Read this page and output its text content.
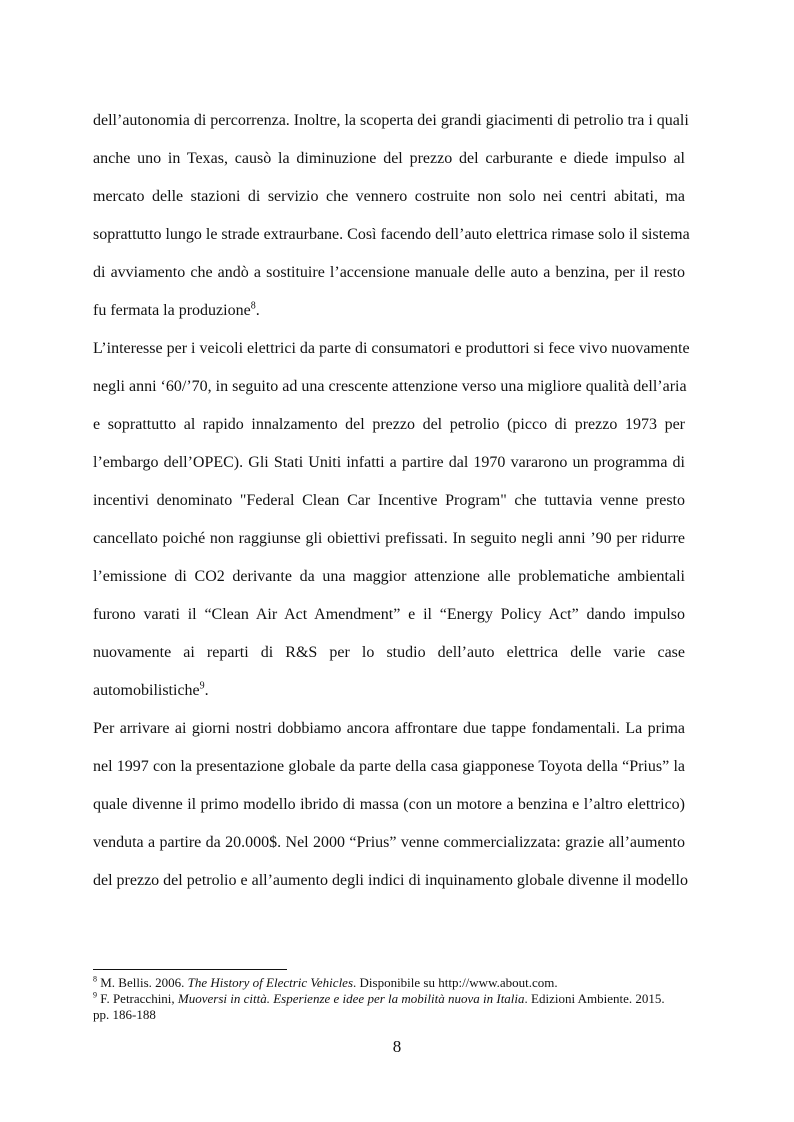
dell’autonomia di percorrenza. Inoltre, la scoperta dei grandi giacimenti di petrolio tra i quali
anche uno in Texas, causò la diminuzione del prezzo del carburante e diede impulso al
mercato delle stazioni di servizio che vennero costruite non solo nei centri abitati, ma
soprattutto lungo le strade extraurbane. Così facendo dell’auto elettrica rimase solo il sistema
di avviamento che andò a sostituire l’accensione manuale delle auto a benzina, per il resto
fu fermata la produzione$^8$.
L’interesse per i veicoli elettrici da parte di consumatori e produttori si fece vivo nuovamente
negli anni ‘60/’70, in seguito ad una crescente attenzione verso una migliore qualità dell’aria
e soprattutto al rapido innalzamento del prezzo del petrolio (picco di prezzo 1973 per
l’embargo dell’OPEC). Gli Stati Uniti infatti a partire dal 1970 vararono un programma di
incentivi denominato "Federal Clean Car Incentive Program" che tuttavia venne presto
cancellato poiché non raggiunse gli obiettivi prefissati. In seguito negli anni ’90 per ridurre
l’emissione di CO2 derivante da una maggior attenzione alle problematiche ambientali
furono varati il “Clean Air Act Amendment” e il “Energy Policy Act” dando impulso
nuovamente ai reparti di R&S per lo studio dell’auto elettrica delle varie case
automobilistiche$^9$.
Per arrivare ai giorni nostri dobbiamo ancora affrontare due tappe fondamentali. La prima
nel 1997 con la presentazione globale da parte della casa giapponese Toyota della “Prius” la
quale divenne il primo modello ibrido di massa (con un motore a benzina e l’altro elettrico)
venduta a partire da 20.000$. Nel 2000 “Prius” venne commercializzata: grazie all’aumento
del prezzo del petrolio e all’aumento degli indici di inquinamento globale divenne il modello
$^8$ M. Bellis. 2006. The History of Electric Vehicles. Disponibile su http://www.about.com.
$^9$ F. Petracchini, Muoversi in città. Esperienze e idee per la mobilità nuova in Italia. Edizioni Ambiente. 2015.
pp. 186-188
8
